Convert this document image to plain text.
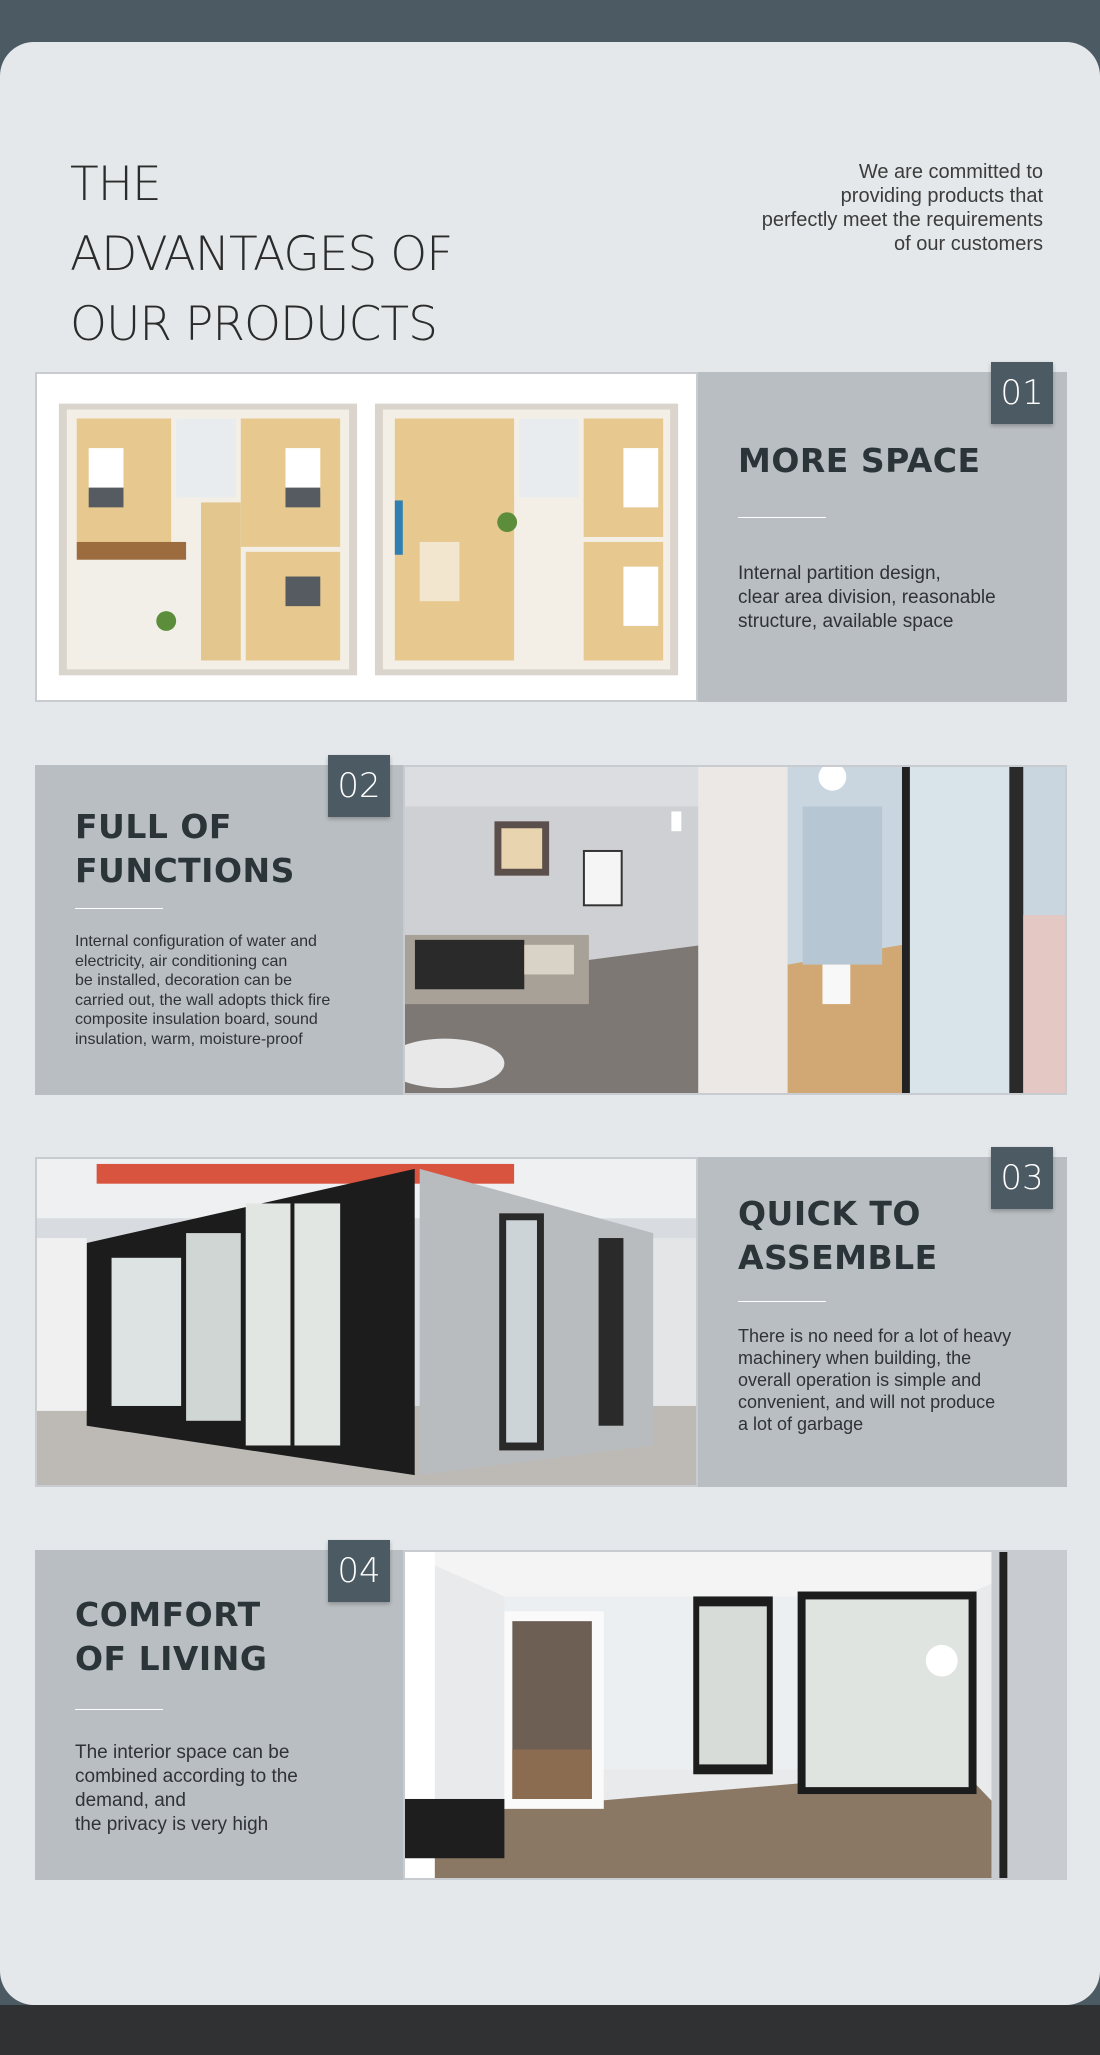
THE
ADVANTAGES OF
OUR PRODUCTS
We are committed to
providing products that
perfectly meet the requirements
of our customers
01
MORE SPACE

Internal partition design,
clear area division, reasonable
structure, available space

02
FULL OF
FUNCTIONS

Internal configuration of water and
electricity, air conditioning can
be installed, decoration can be
carried out, the wall adopts thick fire
composite insulation board, sound
insulation, warm, moisture-proof

03
QUICK TO
ASSEMBLE

There is no need for a lot of heavy
machinery when building, the
overall operation is simple and
convenient, and will not produce
a lot of garbage

04
COMFORT
OF LIVING

The interior space can be
combined according to the
demand, and
the privacy is very high
